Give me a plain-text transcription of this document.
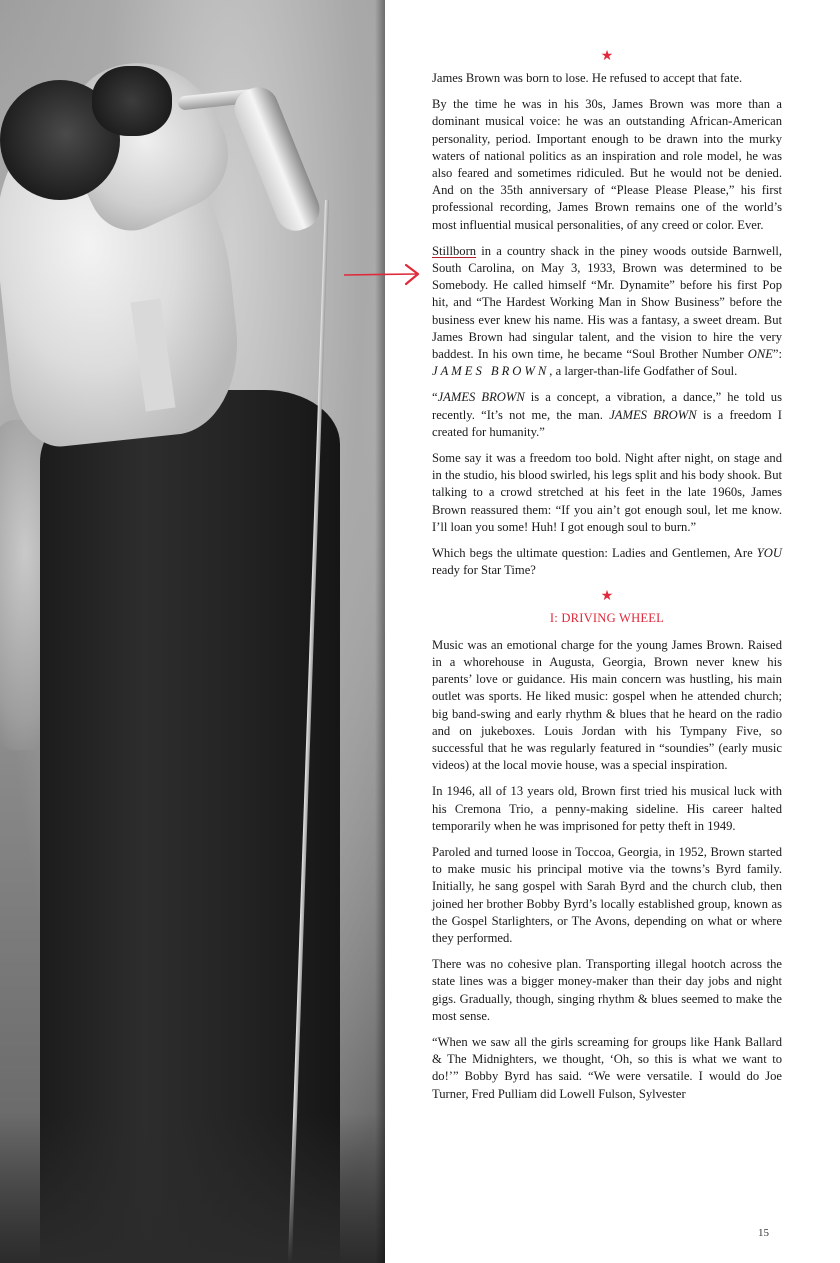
★

James Brown was born to lose. He refused to accept that fate.

By the time he was in his 30s, James Brown was more than a dominant musical voice: he was an outstanding African-American personality, period. Important enough to be drawn into the murky waters of national politics as an inspiration and role model, he was also feared and sometimes ridiculed. But he would not be denied. And on the 35th anniversary of “Please Please Please,” his first professional recording, James Brown remains one of the world’s most influential musical personalities, of any creed or color. Ever.

Stillborn in a country shack in the piney woods outside Barnwell, South Carolina, on May 3, 1933, Brown was determined to be Somebody. He called himself “Mr. Dynamite” before his first Pop hit, and “The Hardest Working Man in Show Business” before the business ever knew his name. His was a fantasy, a sweet dream. But James Brown had singular talent, and the vision to hire the very baddest. In his own time, he became “Soul Brother Number ONE”: JAMES BROWN, a larger-than-life Godfather of Soul.

“JAMES BROWN is a concept, a vibration, a dance,” he told us recently. “It’s not me, the man. JAMES BROWN is a freedom I created for humanity.”

Some say it was a freedom too bold. Night after night, on stage and in the studio, his blood swirled, his legs split and his body shook. But talking to a crowd stretched at his feet in the late 1960s, James Brown reassured them: “If you ain’t got enough soul, let me know. I’ll loan you some! Huh! I got enough soul to burn.”

Which begs the ultimate question: Ladies and Gentlemen, Are YOU ready for Star Time?

★
I: DRIVING WHEEL

Music was an emotional charge for the young James Brown. Raised in a whorehouse in Augusta, Georgia, Brown never knew his parents’ love or guidance. His main concern was hustling, his main outlet was sports. He liked music: gospel when he attended church; big band-swing and early rhythm & blues that he heard on the radio and on jukeboxes. Louis Jordan with his Tympany Five, so successful that he was regularly featured in “soundies” (early music videos) at the local movie house, was a special inspiration.

In 1946, all of 13 years old, Brown first tried his musical luck with his Cremona Trio, a penny-making sideline. His career halted temporarily when he was imprisoned for petty theft in 1949.

Paroled and turned loose in Toccoa, Georgia, in 1952, Brown started to make music his principal motive via the towns’s Byrd family. Initially, he sang gospel with Sarah Byrd and the church club, then joined her brother Bobby Byrd’s locally established group, known as the Gospel Starlighters, or The Avons, depending on what or where they performed.

There was no cohesive plan. Transporting illegal hootch across the state lines was a bigger money-maker than their day jobs and night gigs. Gradually, though, singing rhythm & blues seemed to make the most sense.

“When we saw all the girls screaming for groups like Hank Ballard & The Midnighters, we thought, ‘Oh, so this is what we want to do!’” Bobby Byrd has said. “We were versatile. I would do Joe Turner, Fred Pulliam did Lowell Fulson, Sylvester

15
